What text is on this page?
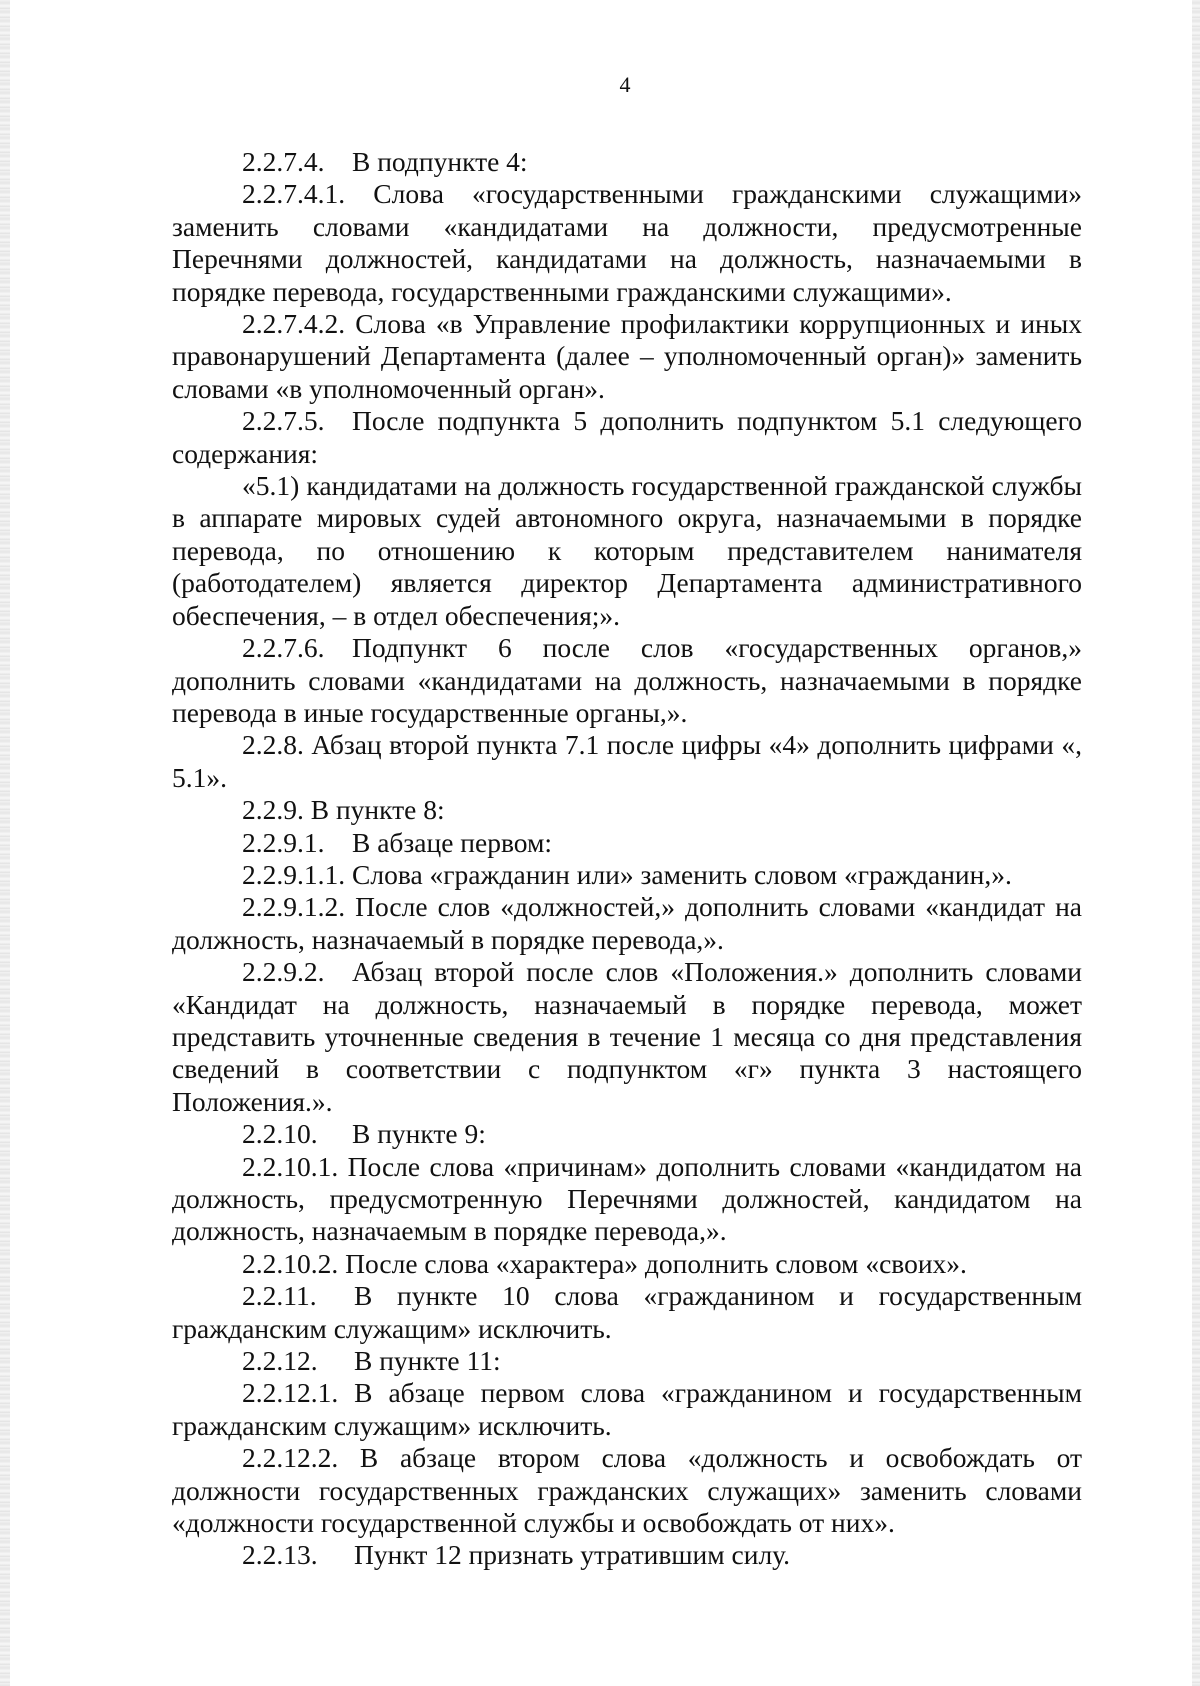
4

2.2.7.4. В подпункте 4:

2.2.7.4.1. Слова «государственными гражданскими служащими» заменить словами «кандидатами на должности, предусмотренные Перечнями должностей, кандидатами на должность, назначаемыми в порядке перевода, государственными гражданскими служащими».

2.2.7.4.2. Слова «в Управление профилактики коррупционных и иных правонарушений Департамента (далее – уполномоченный орган)» заменить словами «в уполномоченный орган».

2.2.7.5. После подпункта 5 дополнить подпунктом 5.1 следующего содержания:

«5.1) кандидатами на должность государственной гражданской службы в аппарате мировых судей автономного округа, назначаемыми в порядке перевода, по отношению к которым представителем нанимателя (работодателем) является директор Департамента административного обеспечения, – в отдел обеспечения;».

2.2.7.6. Подпункт 6 после слов «государственных органов,» дополнить словами «кандидатами на должность, назначаемыми в порядке перевода в иные государственные органы,».

2.2.8. Абзац второй пункта 7.1 после цифры «4» дополнить цифрами «, 5.1».

2.2.9. В пункте 8:

2.2.9.1. В абзаце первом:

2.2.9.1.1. Слова «гражданин или» заменить словом «гражданин,».

2.2.9.1.2. После слов «должностей,» дополнить словами «кандидат на должность, назначаемый в порядке перевода,».

2.2.9.2. Абзац второй после слов «Положения.» дополнить словами «Кандидат на должность, назначаемый в порядке перевода, может представить уточненные сведения в течение 1 месяца со дня представления сведений в соответствии с подпунктом «г» пункта 3 настоящего Положения.».

2.2.10. В пункте 9:

2.2.10.1. После слова «причинам» дополнить словами «кандидатом на должность, предусмотренную Перечнями должностей, кандидатом на должность, назначаемым в порядке перевода,».

2.2.10.2. После слова «характера» дополнить словом «своих».

2.2.11. В пункте 10 слова «гражданином и государственным гражданским служащим» исключить.

2.2.12. В пункте 11:

2.2.12.1. В абзаце первом слова «гражданином и государственным гражданским служащим» исключить.

2.2.12.2. В абзаце втором слова «должность и освобождать от должности государственных гражданских служащих» заменить словами «должности государственной службы и освобождать от них».

2.2.13. Пункт 12 признать утратившим силу.
